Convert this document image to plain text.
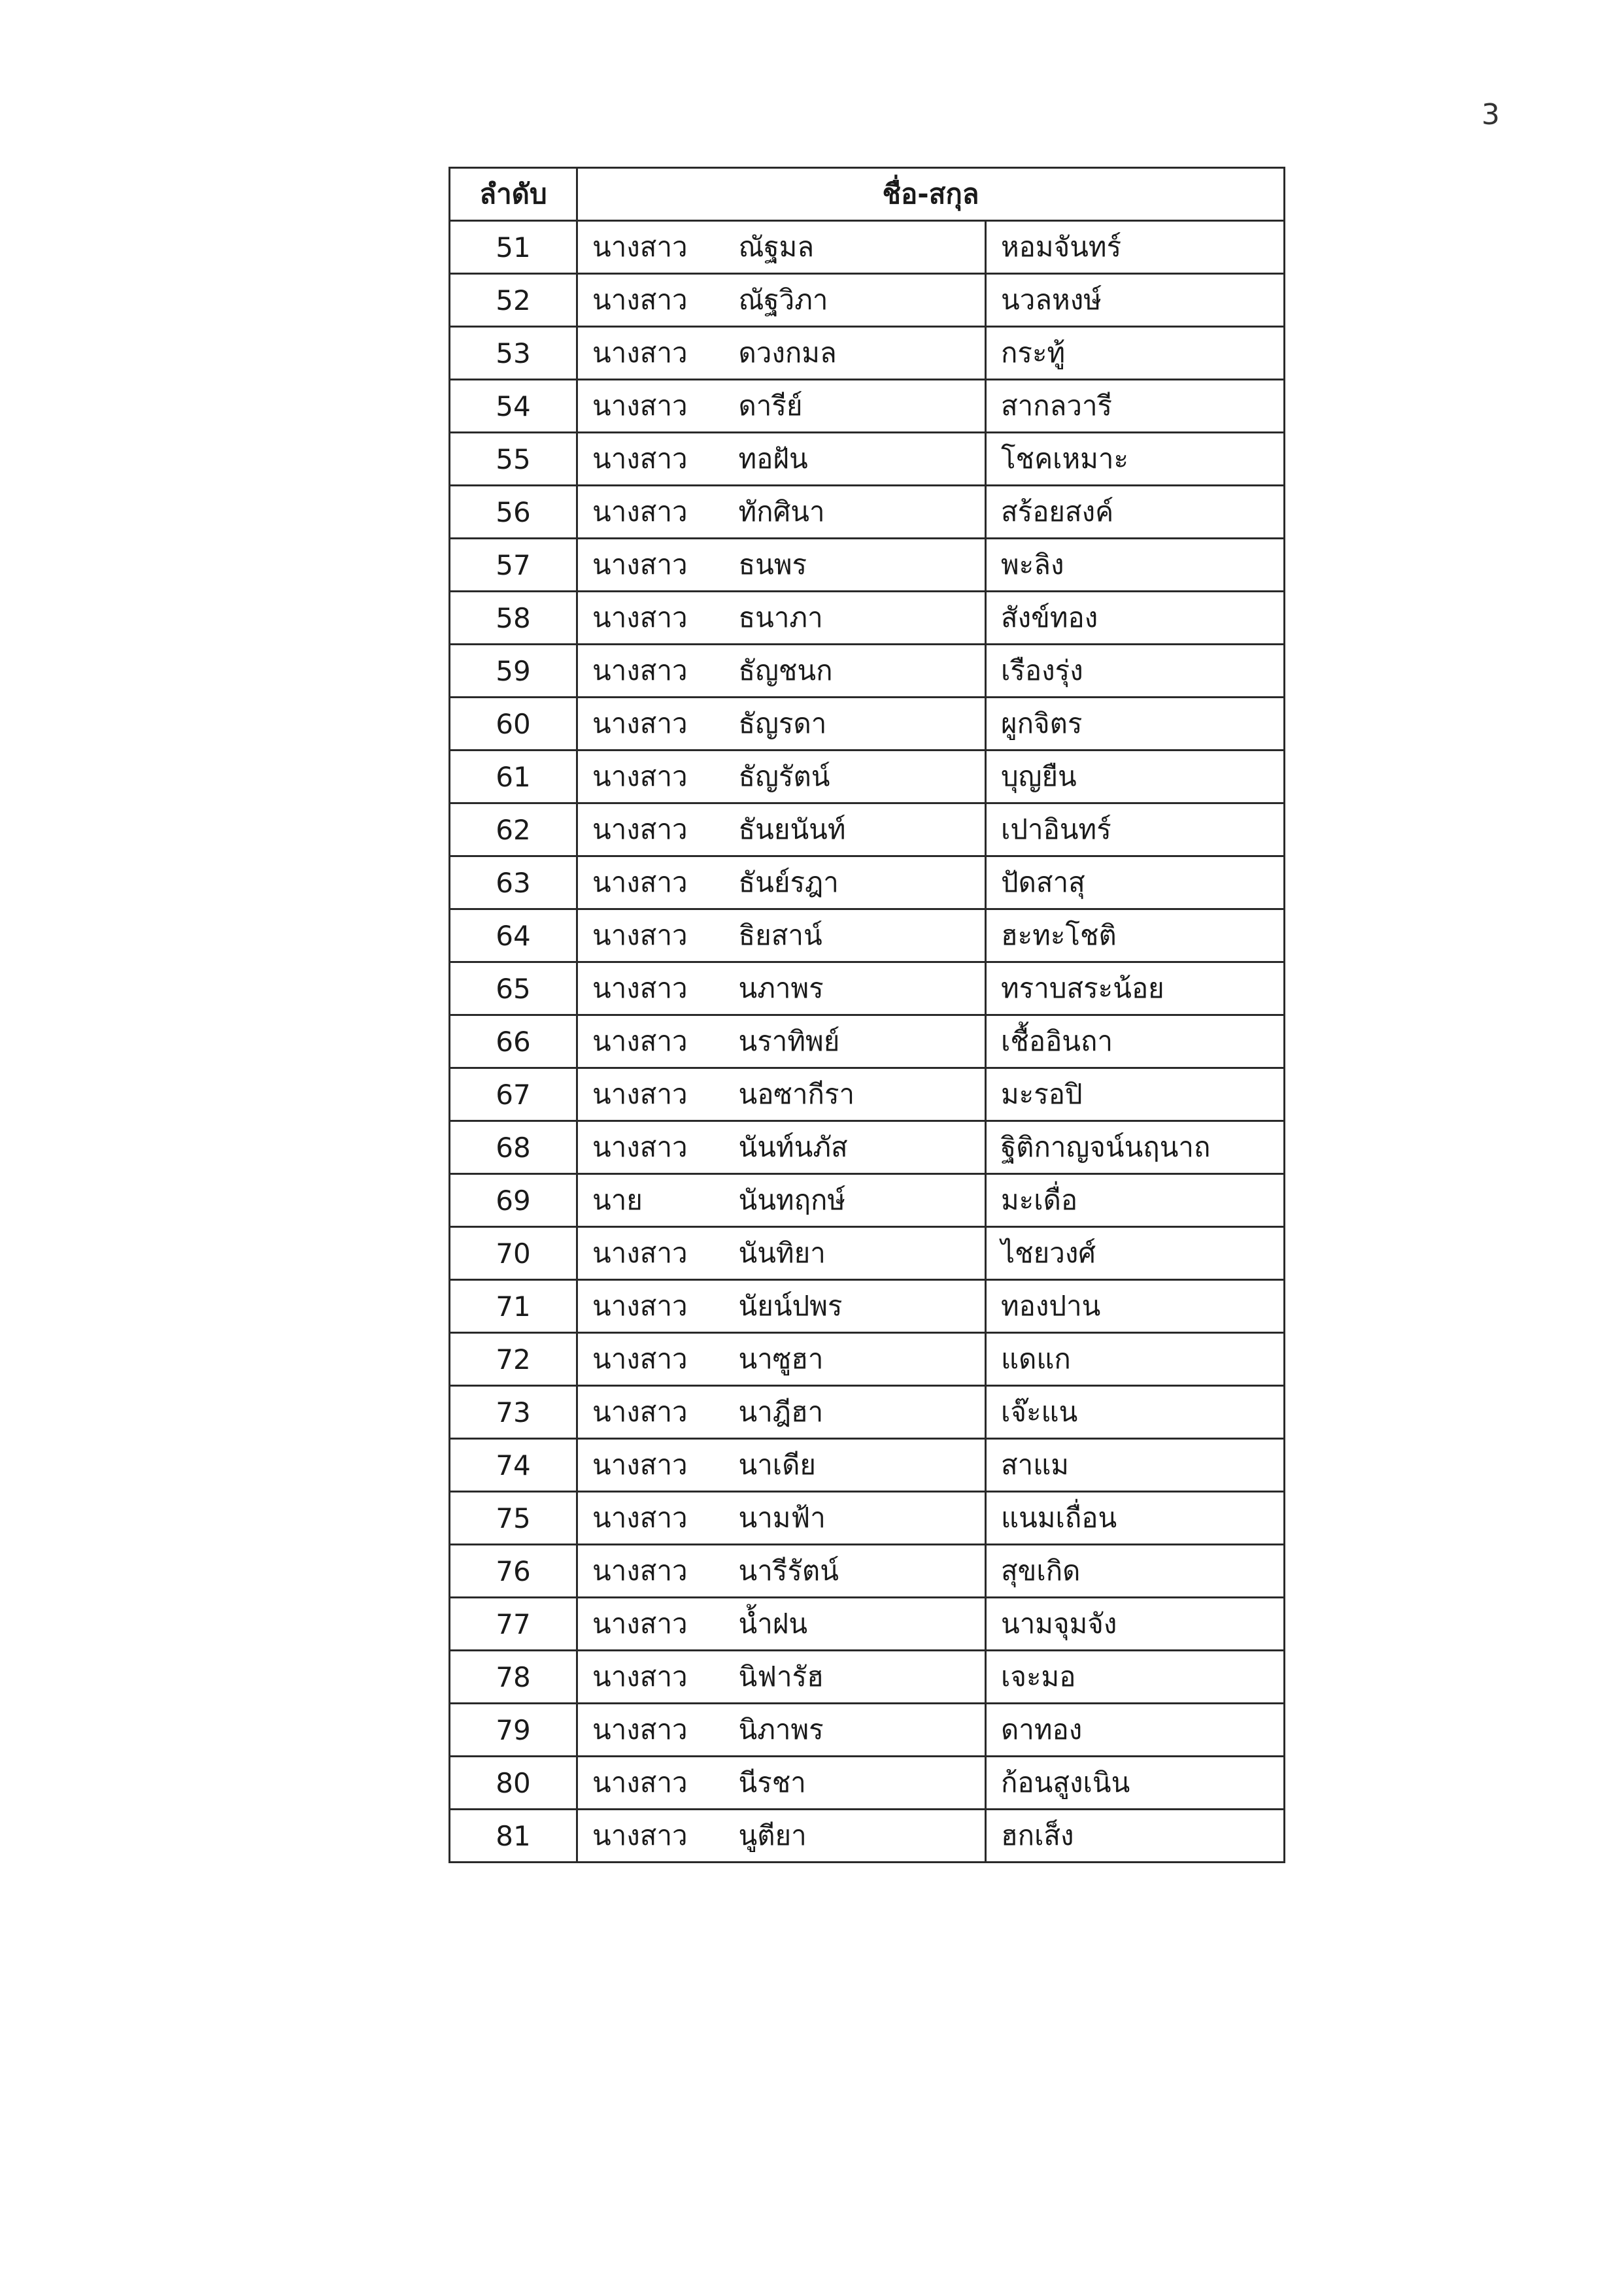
3
ลำดับ	ชื่อ-สกุล		
51	นางสาว	ณัฐมล	หอมจันทร์
52	นางสาว	ณัฐวิภา	นวลหงษ์
53	นางสาว	ดวงกมล	กระทู้
54	นางสาว	ดารีย์	สากลวารี
55	นางสาว	ทอฝัน	โชคเหมาะ
56	นางสาว	ทักศินา	สร้อยสงค์
57	นางสาว	ธนพร	พะลิง
58	นางสาว	ธนาภา	สังข์ทอง
59	นางสาว	ธัญชนก	เรืองรุ่ง
60	นางสาว	ธัญรดา	ผูกจิตร
61	นางสาว	ธัญรัตน์	บุญยืน
62	นางสาว	ธันยนันท์	เปาอินทร์
63	นางสาว	ธันย์รฎา	ปัดสาสุ
64	นางสาว	ธิยสาน์	ฮะทะโชติ
65	นางสาว	นภาพร	ทราบสระน้อย
66	นางสาว	นราทิพย์	เชื้ออินถา
67	นางสาว	นอซากีรา	มะรอปิ
68	นางสาว	นันท์นภัส	ฐิติกาญจน์นฤนาถ
69	นาย	นันทฤกษ์	มะเดื่อ
70	นางสาว	นันทิยา	ไชยวงศ์
71	นางสาว	นัยน์ปพร	ทองปาน
72	นางสาว	นาซูฮา	แดแก
73	นางสาว	นาฎีฮา	เจ๊ะแน
74	นางสาว	นาเดีย	สาแม
75	นางสาว	นามฟ้า	แนมเถื่อน
76	นางสาว	นารีรัตน์	สุขเกิด
77	นางสาว	น้ำฝน	นามจุมจัง
78	นางสาว	นิฟารัฮ	เจะมอ
79	นางสาว	นิภาพร	ดาทอง
80	นางสาว	นีรชา	ก้อนสูงเนิน
81	นางสาว	นูตียา	ฮกเส็ง
